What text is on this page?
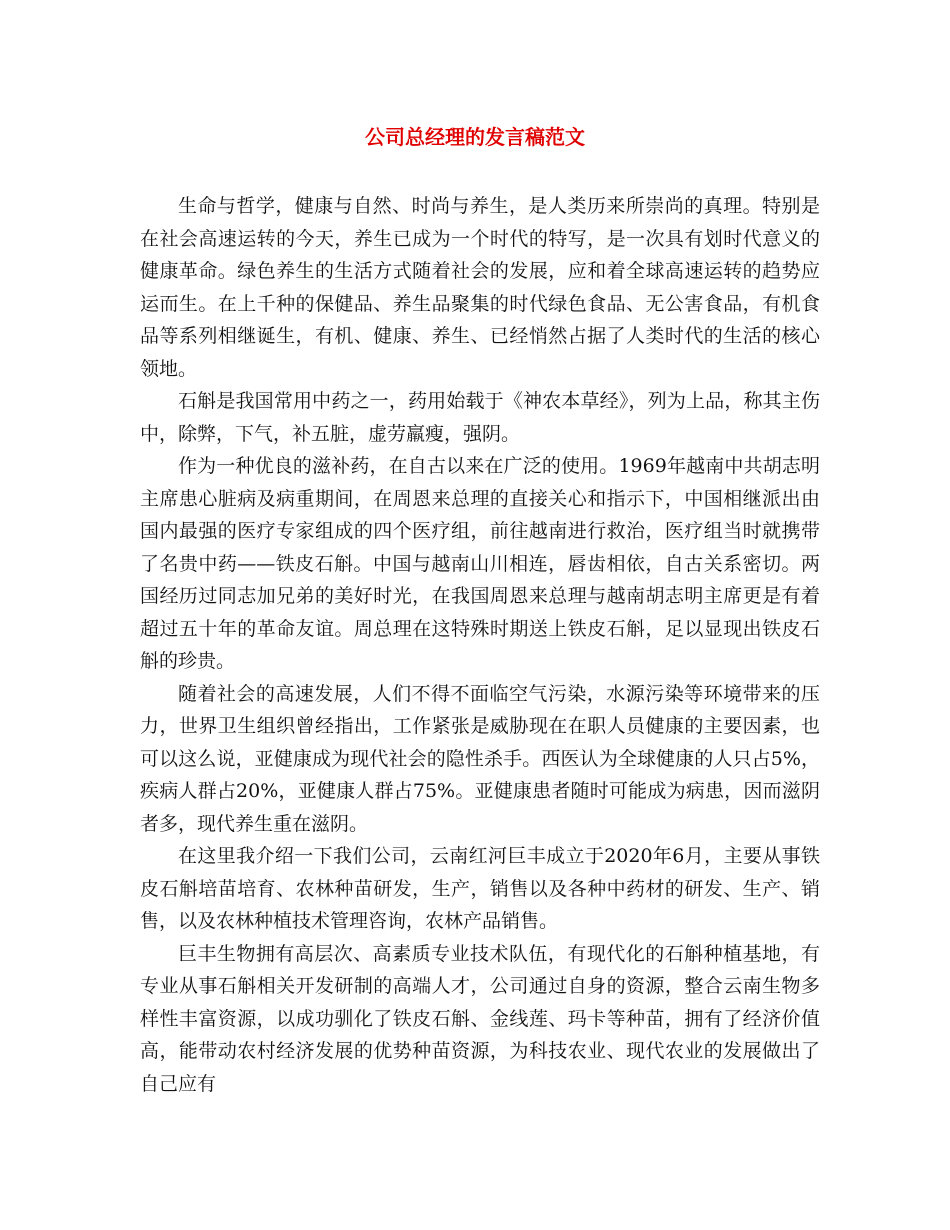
公司总经理的发言稿范文

生命与哲学，健康与自然、时尚与养生，是人类历来所崇尚的真理。特别是在社会高速运转的今天，养生已成为一个时代的特写，是一次具有划时代意义的健康革命。绿色养生的生活方式随着社会的发展，应和着全球高速运转的趋势应运而生。在上千种的保健品、养生品聚集的时代绿色食品、无公害食品，有机食品等系列相继诞生，有机、健康、养生、已经悄然占据了人类时代的生活的核心领地。

石斛是我国常用中药之一，药用始载于《神农本草经》，列为上品，称其主伤中，除弊，下气，补五脏，虚劳羸瘦，强阴。

作为一种优良的滋补药，在自古以来在广泛的使用。1969年越南中共胡志明主席患心脏病及病重期间，在周恩来总理的直接关心和指示下，中国相继派出由国内最强的医疗专家组成的四个医疗组，前往越南进行救治，医疗组当时就携带了名贵中药——铁皮石斛。中国与越南山川相连，唇齿相依，自古关系密切。两国经历过同志加兄弟的美好时光，在我国周恩来总理与越南胡志明主席更是有着超过五十年的革命友谊。周总理在这特殊时期送上铁皮石斛，足以显现出铁皮石斛的珍贵。

随着社会的高速发展，人们不得不面临空气污染，水源污染等环境带来的压力，世界卫生组织曾经指出，工作紧张是威胁现在在职人员健康的主要因素，也可以这么说，亚健康成为现代社会的隐性杀手。西医认为全球健康的人只占5%，疾病人群占20%，亚健康人群占75%。亚健康患者随时可能成为病患，因而滋阴者多，现代养生重在滋阴。

在这里我介绍一下我们公司，云南红河巨丰成立于2020年6月，主要从事铁皮石斛培苗培育、农林种苗研发，生产，销售以及各种中药材的研发、生产、销售，以及农林种植技术管理咨询，农林产品销售。

巨丰生物拥有高层次、高素质专业技术队伍，有现代化的石斛种植基地，有专业从事石斛相关开发研制的高端人才，公司通过自身的资源，整合云南生物多样性丰富资源，以成功驯化了铁皮石斛、金线莲、玛卡等种苗，拥有了经济价值高，能带动农村经济发展的优势种苗资源，为科技农业、现代农业的发展做出了自己应有
